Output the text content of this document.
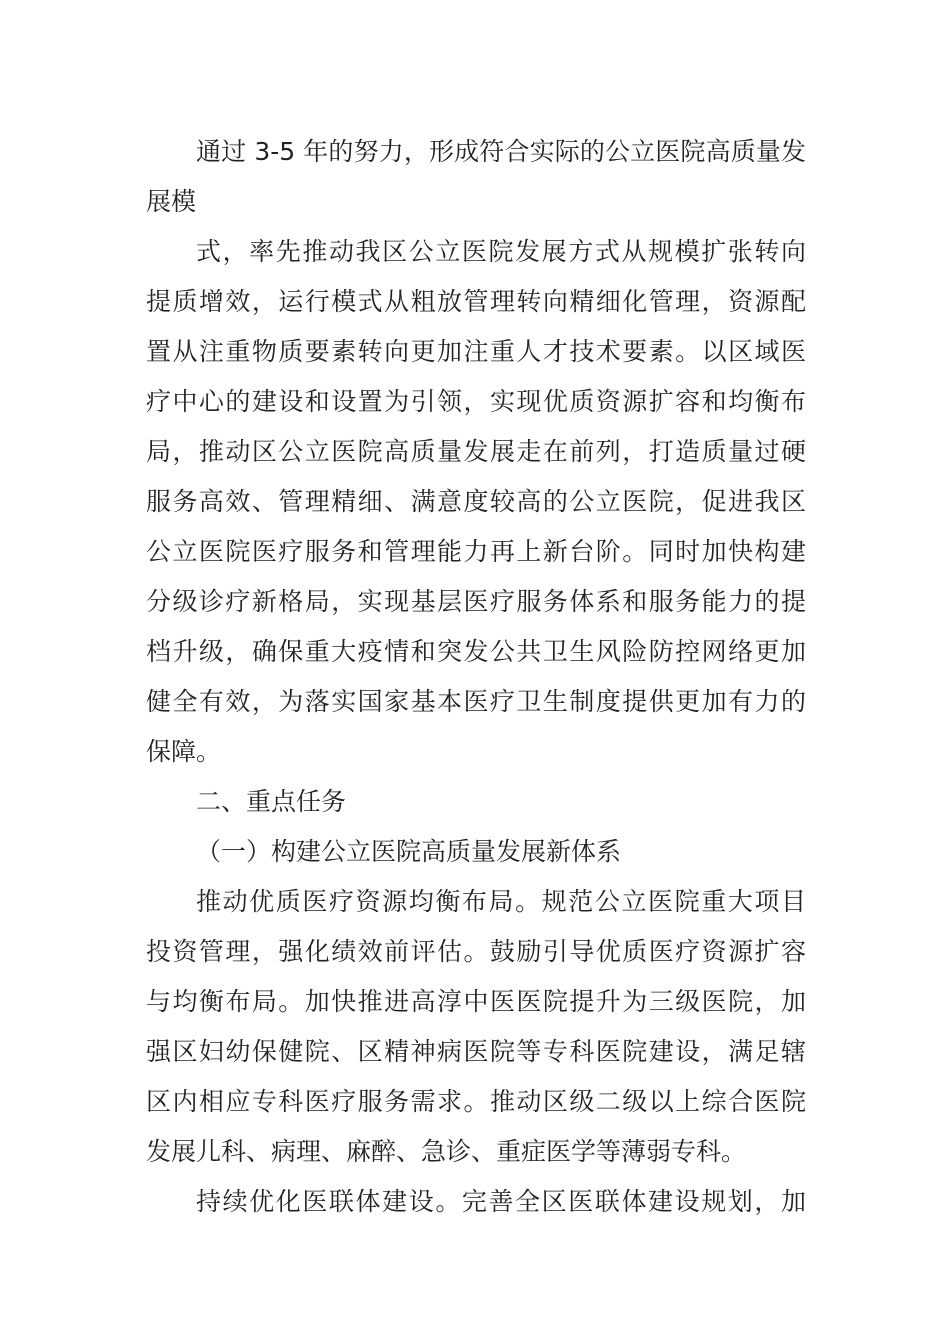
通过 3-5 年的努力，形成符合实际的公立医院高质量发
展模
式，率先推动我区公立医院发展方式从规模扩张转向
提质增效，运行模式从粗放管理转向精细化管理，资源配
置从注重物质要素转向更加注重人才技术要素。以区域医
疗中心的建设和设置为引领，实现优质资源扩容和均衡布
局，推动区公立医院高质量发展走在前列，打造质量过硬
服务高效、管理精细、满意度较高的公立医院，促进我区
公立医院医疗服务和管理能力再上新台阶。同时加快构建
分级诊疗新格局，实现基层医疗服务体系和服务能力的提
档升级，确保重大疫情和突发公共卫生风险防控网络更加
健全有效，为落实国家基本医疗卫生制度提供更加有力的
保障。
二、重点任务
（一）构建公立医院高质量发展新体系
推动优质医疗资源均衡布局。规范公立医院重大项目
投资管理，强化绩效前评估。鼓励引导优质医疗资源扩容
与均衡布局。加快推进高淳中医医院提升为三级医院，加
强区妇幼保健院、区精神病医院等专科医院建设，满足辖
区内相应专科医疗服务需求。推动区级二级以上综合医院
发展儿科、病理、麻醉、急诊、重症医学等薄弱专科。
持续优化医联体建设。完善全区医联体建设规划，加
